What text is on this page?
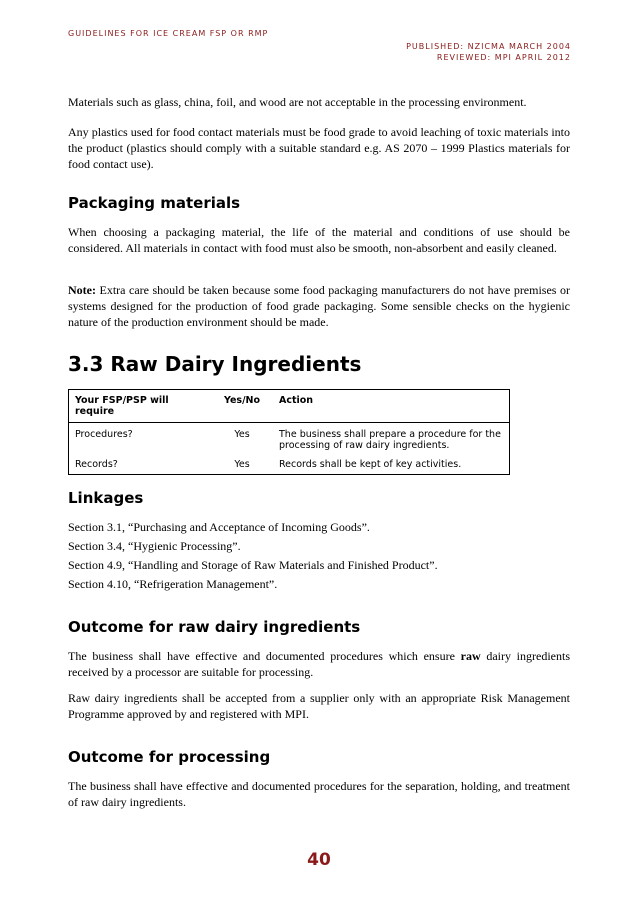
GUIDELINES FOR ICE CREAM FSP OR RMP
PUBLISHED: NZICMA MARCH 2004
REVIEWED: MPI APRIL 2012

Materials such as glass, china, foil, and wood are not acceptable in the processing environment.

Any plastics used for food contact materials must be food grade to avoid leaching of toxic materials into the product (plastics should comply with a suitable standard e.g. AS 2070 – 1999 Plastics materials for food contact use).

Packaging materials

When choosing a packaging material, the life of the material and conditions of use should be considered. All materials in contact with food must also be smooth, non-absorbent and easily cleaned.

Note: Extra care should be taken because some food packaging manufacturers do not have premises or systems designed for the production of food grade packaging. Some sensible checks on the hygienic nature of the production environment should be made.

3.3 Raw Dairy Ingredients
Your FSP/PSP will require	Yes/No	Action
Procedures?	Yes	The business shall prepare a procedure for the processing of raw dairy ingredients.
Records?	Yes	Records shall be kept of key activities.
Linkages

Section 3.1, “Purchasing and Acceptance of Incoming Goods”.

Section 3.4, “Hygienic Processing”.

Section 4.9, “Handling and Storage of Raw Materials and Finished Product”.

Section 4.10, “Refrigeration Management”.

Outcome for raw dairy ingredients

The business shall have effective and documented procedures which ensure raw dairy ingredients received by a processor are suitable for processing.

Raw dairy ingredients shall be accepted from a supplier only with an appropriate Risk Management Programme approved by and registered with MPI.

Outcome for processing

The business shall have effective and documented procedures for the separation, holding, and treatment of raw dairy ingredients.

40
